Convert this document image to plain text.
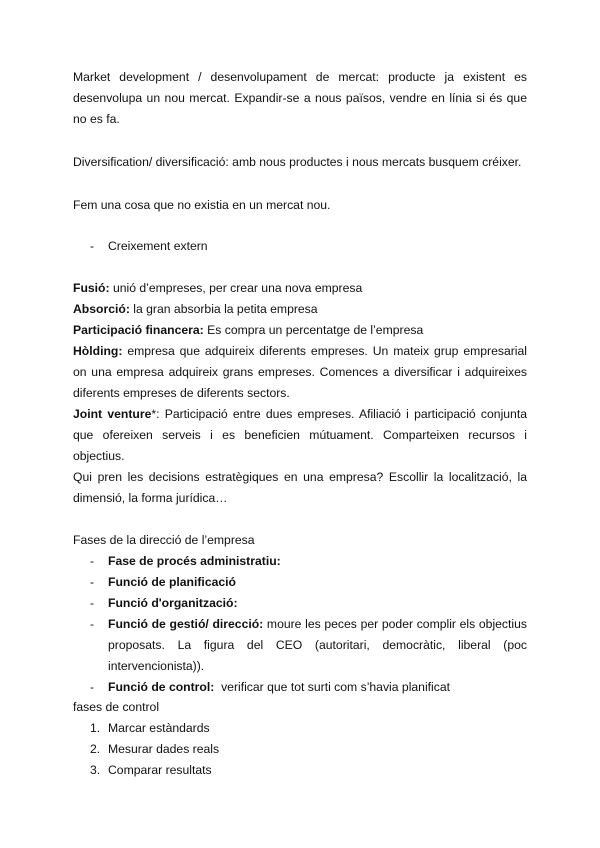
Market development / desenvolupament de mercat: producte ja existent es desenvolupa un nou mercat. Expandir-se a nous països, vendre en línia si és que no es fa.
Diversification/ diversificació: amb nous productes i nous mercats busquem créixer.
Fem una cosa que no existia en un mercat nou.
- Creixement extern
Fusió: unió d’empreses, per crear una nova empresa
Absorció: la gran absorbia la petita empresa
Participació financera: Es compra un percentatge de l’empresa
Hòlding: empresa que adquireix diferents empreses. Un mateix grup empresarial on una empresa adquireix grans empreses. Comences a diversificar i adquireixes diferents empreses de diferents sectors.
Joint venture*: Participació entre dues empreses. Afiliació i participació conjunta que ofereixen serveis i es beneficien mútuament. Comparteixen recursos i objectius.
Qui pren les decisions estratègiques en una empresa? Escollir la localització, la dimensió, la forma jurídica…
Fases de la direcció de l’empresa
- Fase de procés administratiu:
- Funció de planificació
- Funció d'organització:
- Funció de gestió/ direcció: moure les peces per poder complir els objectius proposats. La figura del CEO (autoritari, democràtic, liberal (poc intervencionista)).
- Funció de control:  verificar que tot surti com s’havia planificat
fases de control
1. Marcar estàndards
2. Mesurar dades reals
3. Comparar resultats
